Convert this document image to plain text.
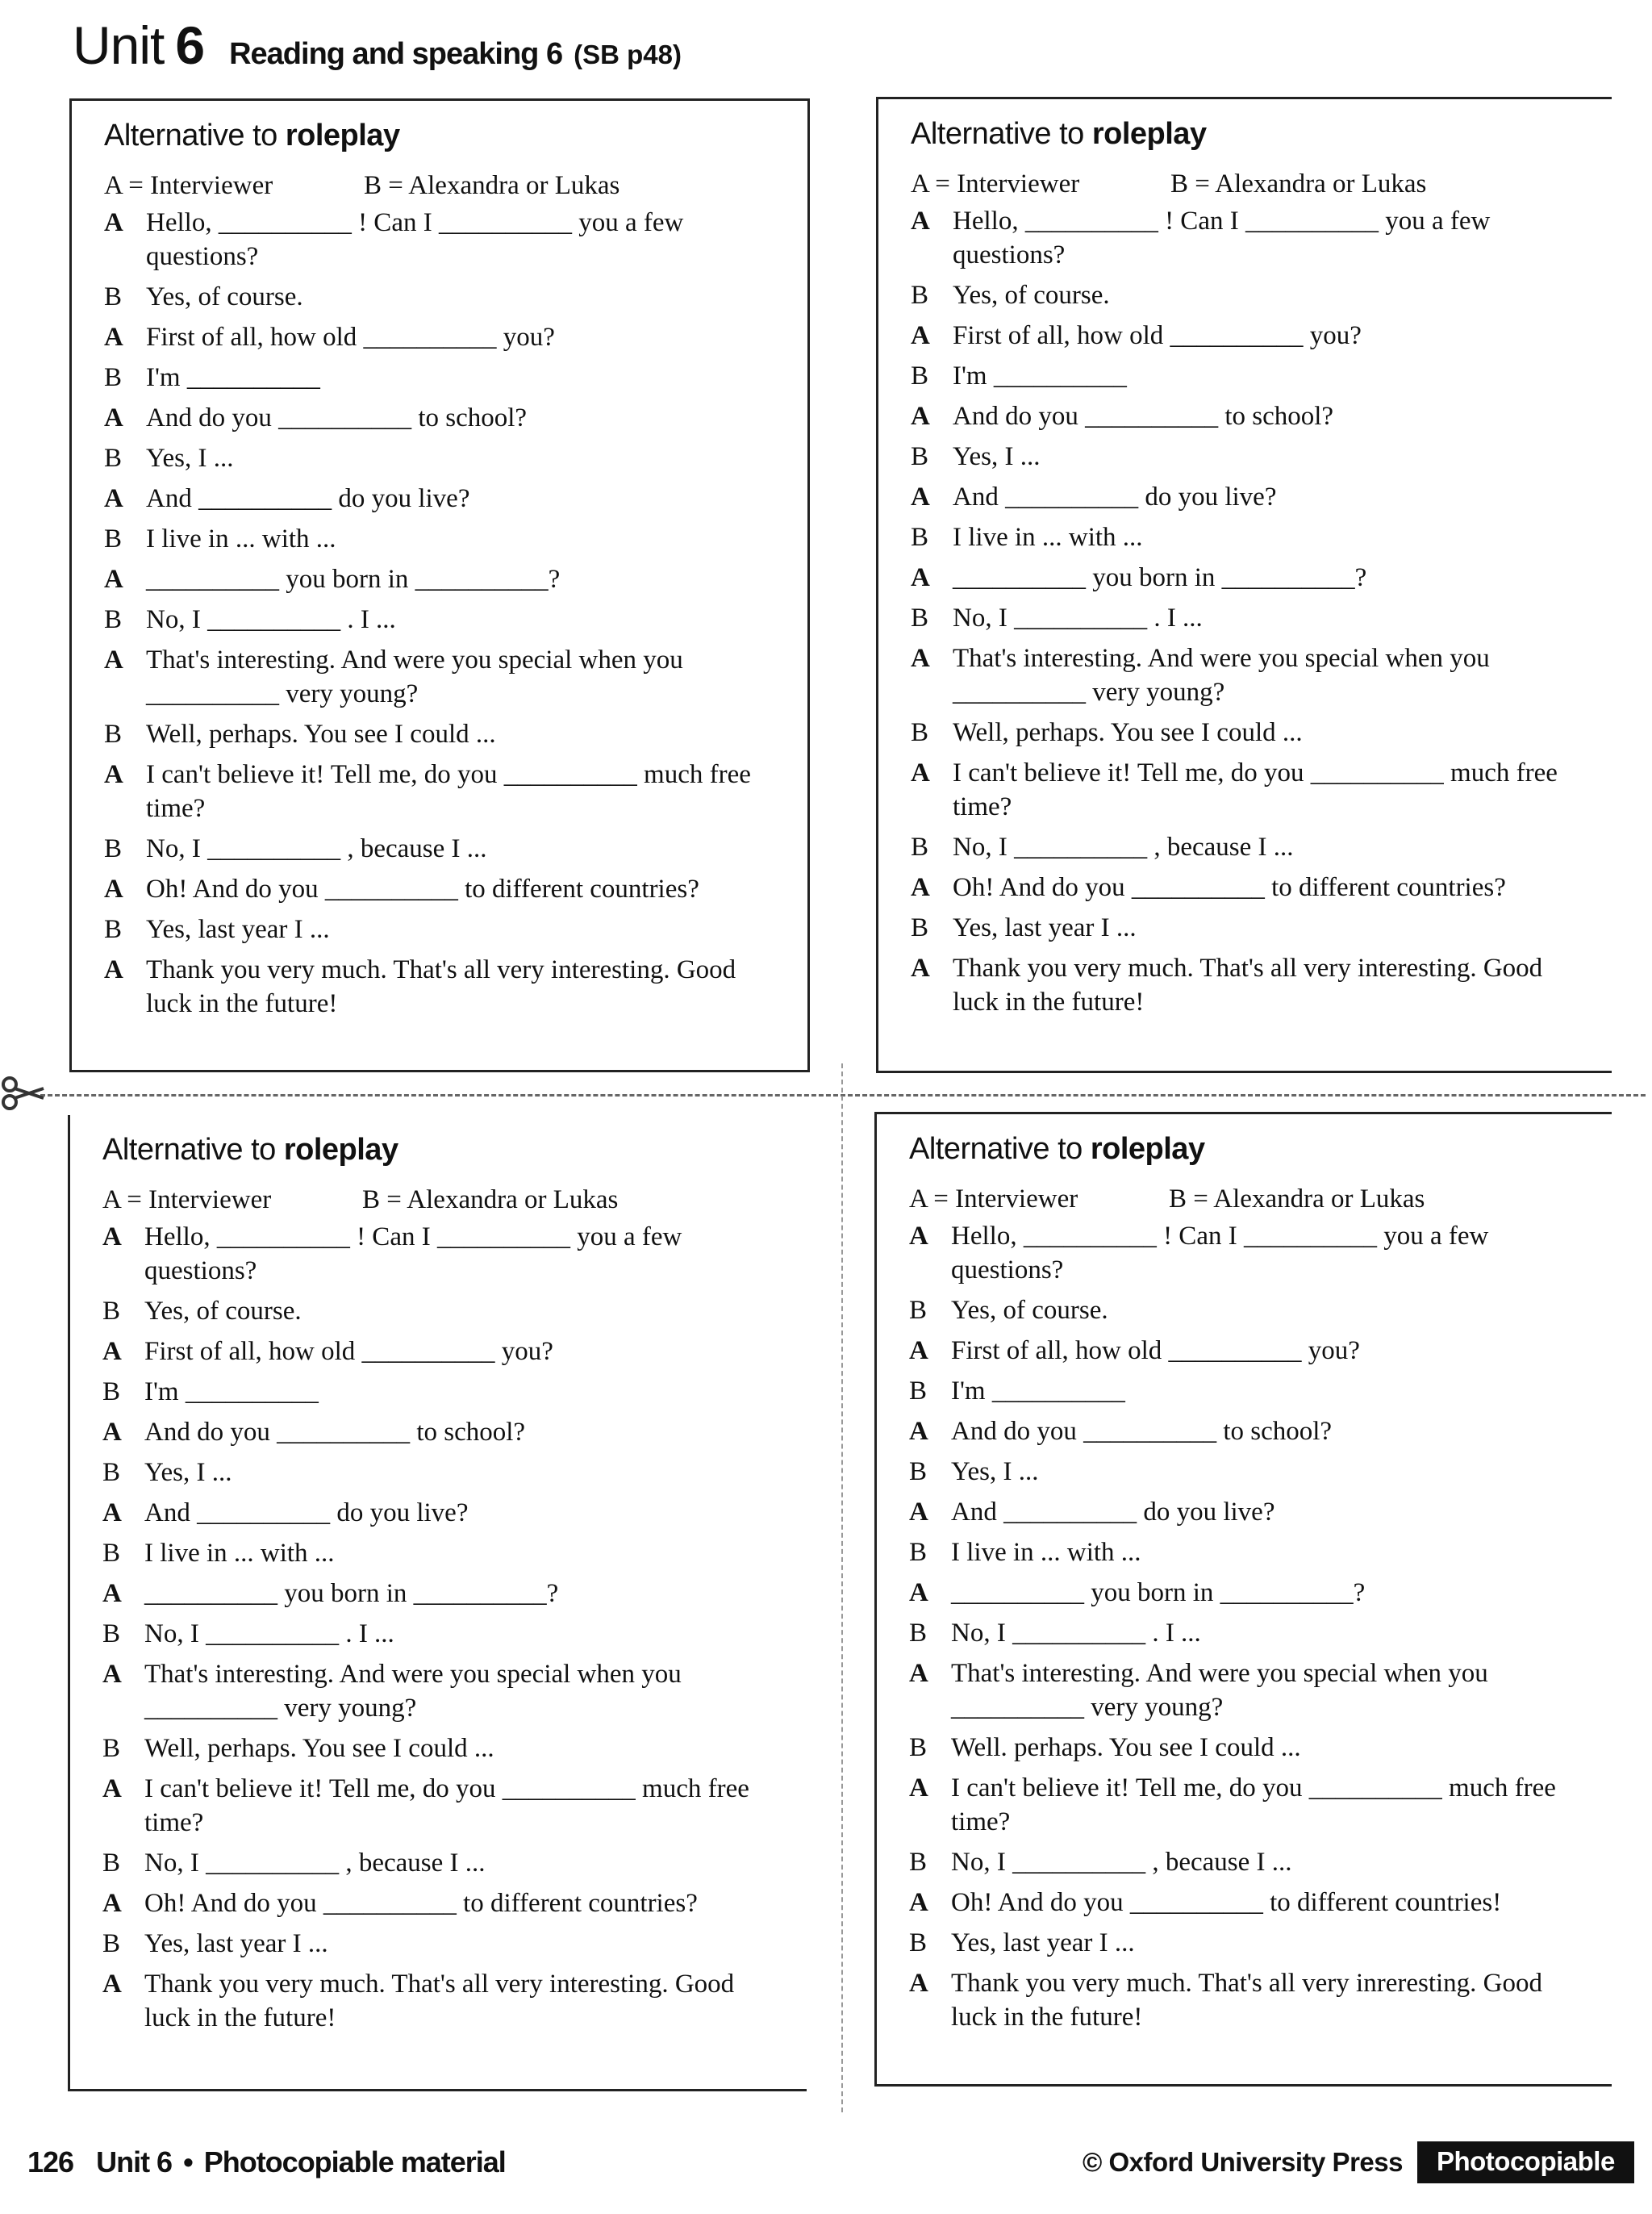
Unit 6 Reading and speaking 6 (SB p48)
Alternative to roleplay
A = Interviewer	B = Alexandra or Lukas
A Hello, __________ ! Can I __________ you a few questions?
B Yes, of course.
A First of all, how old __________ you?
B I'm __________
A And do you __________ to school?
B Yes, I ...
A And __________ do you live?
B I live in ... with ...
A __________ you born in __________?
B No, I __________ . I ...
A That's interesting. And were you special when you __________ very young?
B Well, perhaps. You see I could ...
A I can't believe it! Tell me, do you __________ much free time?
B No, I __________ , because I ...
A Oh! And do you __________ to different countries?
B Yes, last year I ...
A Thank you very much. That's all very interesting. Good luck in the future!
Alternative to roleplay
A = Interviewer	B = Alexandra or Lukas
A Hello, __________ ! Can I __________ you a few questions?
B Yes, of course.
A First of all, how old __________ you?
B I'm __________
A And do you __________ to school?
B Yes, I ...
A And __________ do you live?
B I live in ... with ...
A __________ you born in __________?
B No, I __________ . I ...
A That's interesting. And were you special when you __________ very young?
B Well, perhaps. You see I could ...
A I can't believe it! Tell me, do you __________ much free time?
B No, I __________ , because I ...
A Oh! And do you __________ to different countries?
B Yes, last year I ...
A Thank you very much. That's all very interesting. Good luck in the future!
Alternative to roleplay
A = Interviewer	B = Alexandra or Lukas
A Hello, __________ ! Can I __________ you a few questions?
B Yes, of course.
A First of all, how old __________ you?
B I'm __________
A And do you __________ to school?
B Yes, I ...
A And __________ do you live?
B I live in ... with ...
A __________ you born in __________?
B No, I __________ . I ...
A That's interesting. And were you special when you __________ very young?
B Well, perhaps. You see I could ...
A I can't believe it! Tell me, do you __________ much free time?
B No, I __________ , because I ...
A Oh! And do you __________ to different countries?
B Yes, last year I ...
A Thank you very much. That's all very interesting. Good luck in the future!
Alternative to roleplay
A = Interviewer	B = Alexandra or Lukas
A Hello, __________ ! Can I __________ you a few questions?
B Yes, of course.
A First of all, how old __________ you?
B I'm __________
A And do you __________ to school?
B Yes, I ...
A And __________ do you live?
B I live in ... with ...
A __________ you born in __________?
B No, I __________ . I ...
A That's interesting. And were you special when you __________ very young?
B Well. perhaps. You see I could ...
A I can't believe it! Tell me, do you __________ much free time?
B No, I __________ , because I ...
A Oh! And do you __________ to different countries!
B Yes, last year I ...
A Thank you very much. That's all very inreresting. Good luck in the future!
126 Unit 6 • Photocopiable material	© Oxford University Press	Photocopiable
